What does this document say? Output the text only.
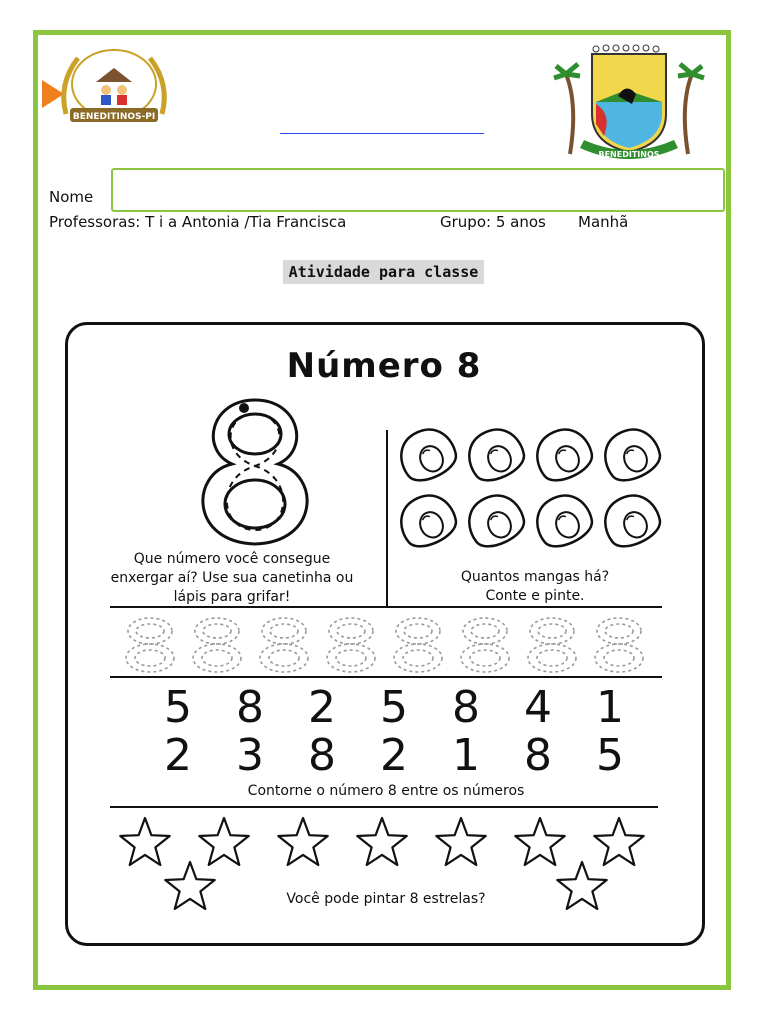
BENEDITINOS-PI
BENEDITINOS
Nome
Professoras: T i a Antonia /Tia Francisca	Grupo: 5 anos Manhã
Atividade para classe
Número 8
Que número você consegue
enxergar aí? Use sua canetinha ou
lápis para grifar!
Quantos mangas há?
Conte e pinte.
5 8 2 5 8 4 1
2 3 8 2 1 8 5
Contorne o número 8 entre os números
Você pode pintar 8 estrelas?
